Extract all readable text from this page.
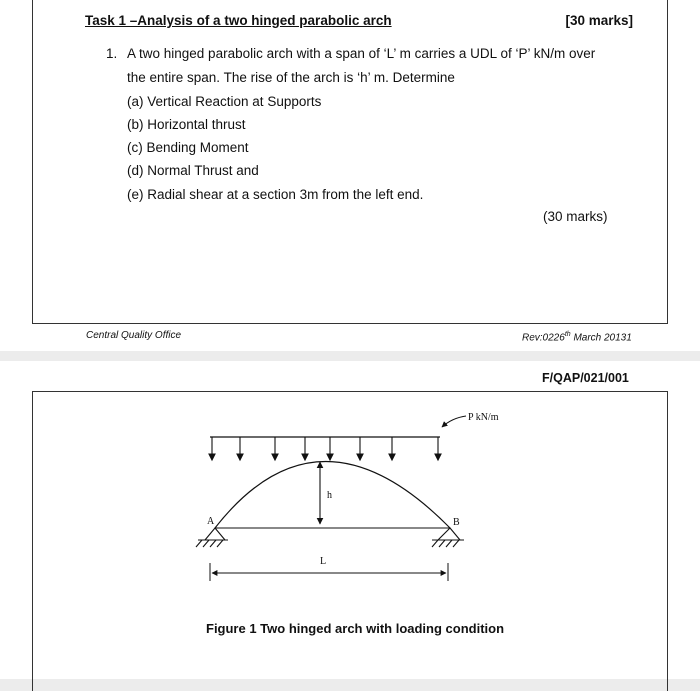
Task 1 –Analysis of a two hinged parabolic arch	[30 marks]
1. A two hinged parabolic arch with a span of ‘L’ m carries a UDL of ‘P’ kN/m over
the entire span. The rise of the arch is ‘h’ m. Determine
(a) Vertical Reaction at Supports
(b) Horizontal thrust
(c) Bending Moment
(d) Normal Thrust and
(e) Radial shear at a section 3m from the left end.
(30 marks)
Central Quality Office	Rev:0226th March 20131
F/QAP/021/001
P kN/m
h
A	B
L
Figure 1 Two hinged arch with loading condition
